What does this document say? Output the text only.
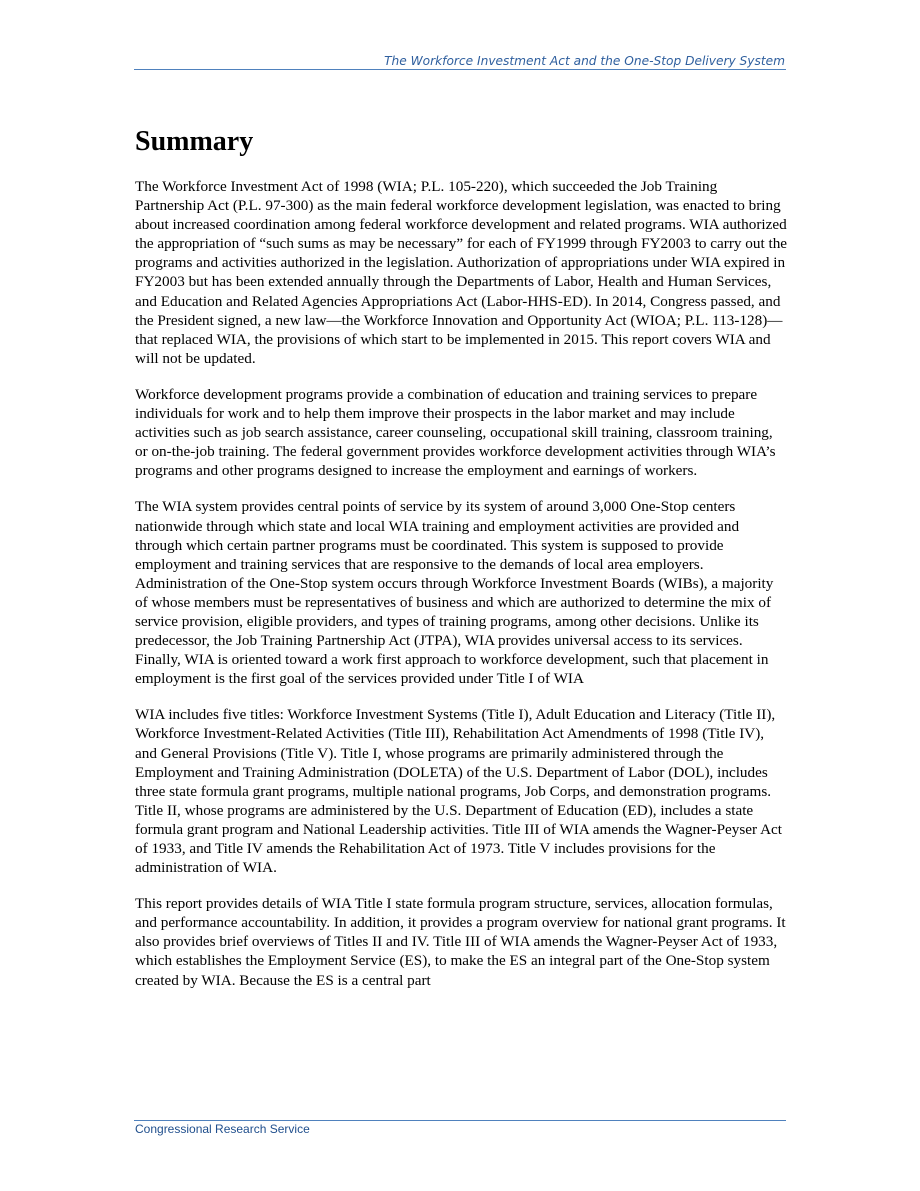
The Workforce Investment Act and the One-Stop Delivery System
Summary

The Workforce Investment Act of 1998 (WIA; P.L. 105-220), which succeeded the Job Training Partnership Act (P.L. 97-300) as the main federal workforce development legislation, was enacted to bring about increased coordination among federal workforce development and related programs. WIA authorized the appropriation of “such sums as may be necessary” for each of FY1999 through FY2003 to carry out the programs and activities authorized in the legislation. Authorization of appropriations under WIA expired in FY2003 but has been extended annually through the Departments of Labor, Health and Human Services, and Education and Related Agencies Appropriations Act (Labor-HHS-ED). In 2014, Congress passed, and the President signed, a new law—the Workforce Innovation and Opportunity Act (WIOA; P.L. 113-128)—that replaced WIA, the provisions of which start to be implemented in 2015. This report covers WIA and will not be updated.

Workforce development programs provide a combination of education and training services to prepare individuals for work and to help them improve their prospects in the labor market and may include activities such as job search assistance, career counseling, occupational skill training, classroom training, or on-the-job training. The federal government provides workforce development activities through WIA’s programs and other programs designed to increase the employment and earnings of workers.

The WIA system provides central points of service by its system of around 3,000 One-Stop centers nationwide through which state and local WIA training and employment activities are provided and through which certain partner programs must be coordinated. This system is supposed to provide employment and training services that are responsive to the demands of local area employers. Administration of the One-Stop system occurs through Workforce Investment Boards (WIBs), a majority of whose members must be representatives of business and which are authorized to determine the mix of service provision, eligible providers, and types of training programs, among other decisions. Unlike its predecessor, the Job Training Partnership Act (JTPA), WIA provides universal access to its services. Finally, WIA is oriented toward a work first approach to workforce development, such that placement in employment is the first goal of the services provided under Title I of WIA

WIA includes five titles: Workforce Investment Systems (Title I), Adult Education and Literacy (Title II), Workforce Investment-Related Activities (Title III), Rehabilitation Act Amendments of 1998 (Title IV), and General Provisions (Title V). Title I, whose programs are primarily administered through the Employment and Training Administration (DOLETA) of the U.S. Department of Labor (DOL), includes three state formula grant programs, multiple national programs, Job Corps, and demonstration programs. Title II, whose programs are administered by the U.S. Department of Education (ED), includes a state formula grant program and National Leadership activities. Title III of WIA amends the Wagner-Peyser Act of 1933, and Title IV amends the Rehabilitation Act of 1973. Title V includes provisions for the administration of WIA.

This report provides details of WIA Title I state formula program structure, services, allocation formulas, and performance accountability. In addition, it provides a program overview for national grant programs. It also provides brief overviews of Titles II and IV. Title III of WIA amends the Wagner-Peyser Act of 1933, which establishes the Employment Service (ES), to make the ES an integral part of the One-Stop system created by WIA. Because the ES is a central part

Congressional Research Service
